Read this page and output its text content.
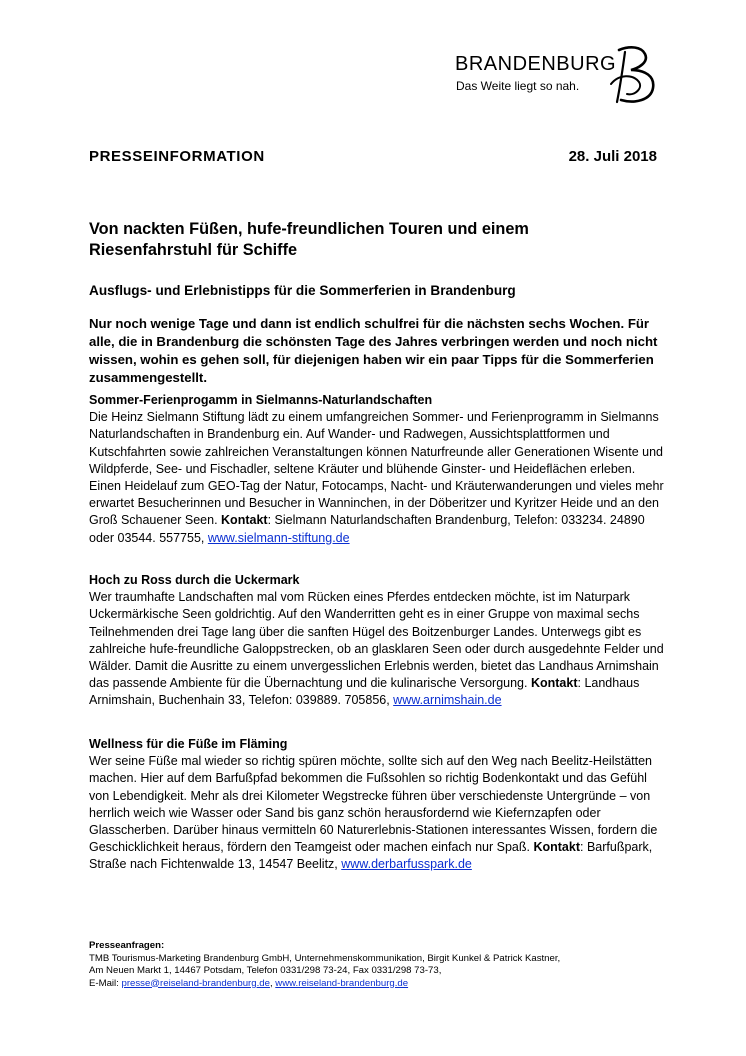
BRANDENBURG
Das Weite liegt so nah.
PRESSEINFORMATION	28. Juli 2018
Von nackten Füßen, hufe-freundlichen Touren und einem Riesenfahrstuhl für Schiffe
Ausflugs- und Erlebnistipps für die Sommerferien in Brandenburg

Nur noch wenige Tage und dann ist endlich schulfrei für die nächsten sechs Wochen. Für alle, die in Brandenburg die schönsten Tage des Jahres verbringen werden und noch nicht wissen, wohin es gehen soll, für diejenigen haben wir ein paar Tipps für die Sommerferien zusammengestellt.

Sommer-Ferienprogamm in Sielmanns-Naturlandschaften

Die Heinz Sielmann Stiftung lädt zu einem umfangreichen Sommer- und Ferienprogramm in Sielmanns Naturlandschaften in Brandenburg ein. Auf Wander- und Radwegen, Aussichtsplattformen und Kutschfahrten sowie zahlreichen Veranstaltungen können Naturfreunde aller Generationen Wisente und Wildpferde, See- und Fischadler, seltene Kräuter und blühende Ginster- und Heideflächen erleben. Einen Heidelauf zum GEO-Tag der Natur, Fotocamps, Nacht- und Kräuterwanderungen und vieles mehr erwartet Besucherinnen und Besucher in Wanninchen, in der Döberitzer und Kyritzer Heide und an den Groß Schauener Seen. Kontakt: Sielmann Naturlandschaften Brandenburg, Telefon: 033234. 24890 oder 03544. 557755, www.sielmann-stiftung.de

Hoch zu Ross durch die Uckermark

Wer traumhafte Landschaften mal vom Rücken eines Pferdes entdecken möchte, ist im Naturpark Uckermärkische Seen goldrichtig. Auf den Wanderritten geht es in einer Gruppe von maximal sechs Teilnehmenden drei Tage lang über die sanften Hügel des Boitzenburger Landes. Unterwegs gibt es zahlreiche hufe-freundliche Galoppstrecken, ob an glasklaren Seen oder durch ausgedehnte Felder und Wälder. Damit die Ausritte zu einem unvergesslichen Erlebnis werden, bietet das Landhaus Arnimshain das passende Ambiente für die Übernachtung und die kulinarische Versorgung. Kontakt: Landhaus Arnimshain, Buchenhain 33, Telefon: 039889. 705856, www.arnimshain.de

Wellness für die Füße im Fläming

Wer seine Füße mal wieder so richtig spüren möchte, sollte sich auf den Weg nach Beelitz-Heilstätten machen. Hier auf dem Barfußpfad bekommen die Fußsohlen so richtig Bodenkontakt und das Gefühl von Lebendigkeit. Mehr als drei Kilometer Wegstrecke führen über verschiedenste Untergründe – von herrlich weich wie Wasser oder Sand bis ganz schön herausfordernd wie Kiefernzapfen oder Glasscherben. Darüber hinaus vermitteln 60 Naturerlebnis-Stationen interessantes Wissen, fordern die Geschicklichkeit heraus, fördern den Teamgeist oder machen einfach nur Spaß. Kontakt: Barfußpark, Straße nach Fichtenwalde 13, 14547 Beelitz, www.derbarfusspark.de

Presseanfragen:
TMB Tourismus-Marketing Brandenburg GmbH, Unternehmenskommunikation, Birgit Kunkel & Patrick Kastner,
Am Neuen Markt 1, 14467 Potsdam, Telefon 0331/298 73-24, Fax 0331/298 73-73,
E-Mail: presse@reiseland-brandenburg.de, www.reiseland-brandenburg.de
